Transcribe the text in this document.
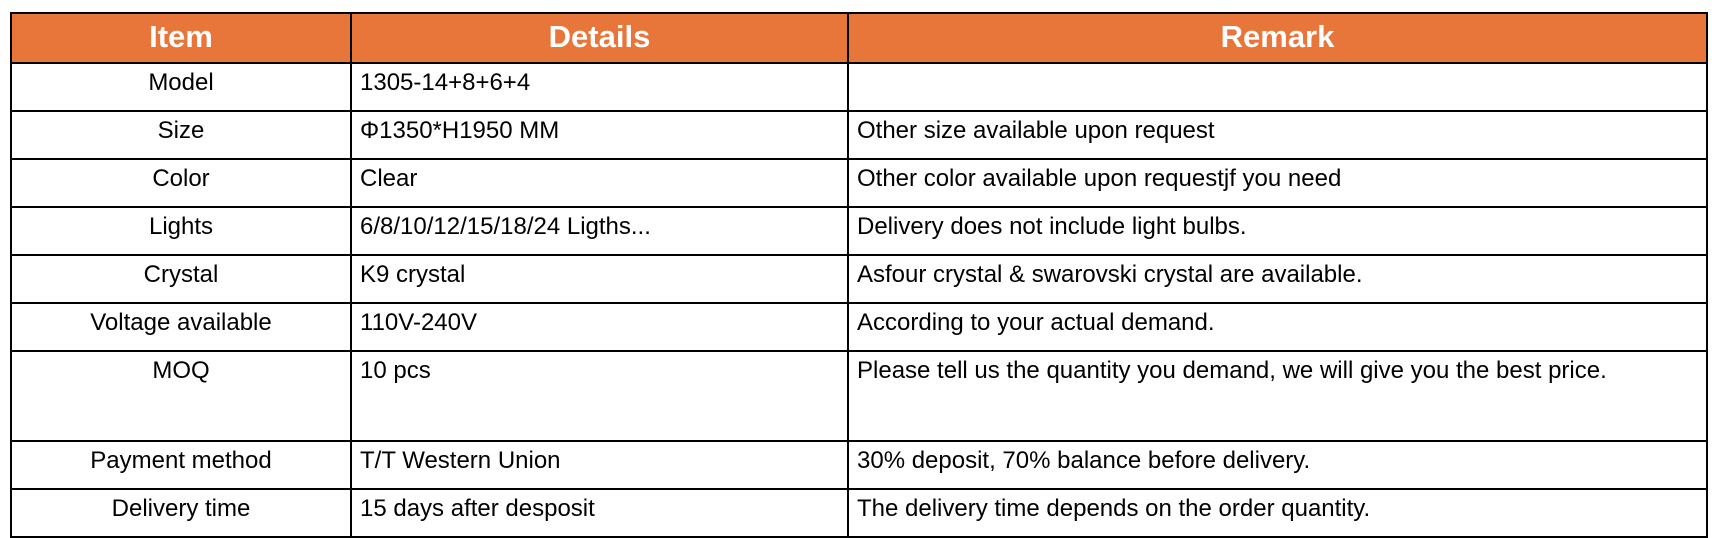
Item	Details	Remark
Model	1305-14+8+6+4	
Size	Φ1350*H1950 MM	Other size available upon request
Color	Clear	Other color available upon requestjf you need
Lights	6/8/10/12/15/18/24 Ligths...	Delivery does not include light bulbs.
Crystal	K9 crystal	Asfour crystal & swarovski crystal are available.
Voltage available	110V-240V	According to your actual demand.
MOQ	10 pcs	Please tell us the quantity you demand, we will give you the best price.
Payment method	T/T Western Union	30% deposit, 70% balance before delivery.
Delivery time	15 days after desposit	The delivery time depends on the order quantity.
